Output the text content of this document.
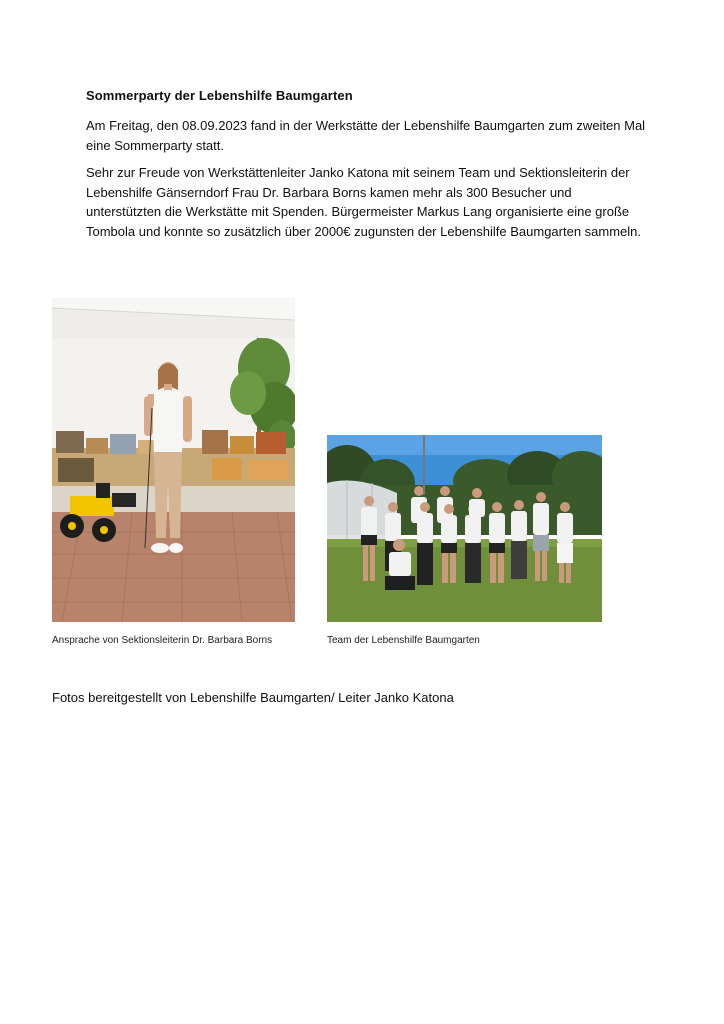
Sommerparty der Lebenshilfe Baumgarten

Am Freitag, den 08.09.2023 fand in der Werkstätte der Lebenshilfe Baumgarten zum zweiten Mal eine Sommerparty statt.

Sehr zur Freude von Werkstättenleiter Janko Katona mit seinem Team und Sektionsleiterin der Lebenshilfe Gänserndorf Frau Dr. Barbara Borns kamen mehr als 300 Besucher und unterstützten die Werkstätte mit Spenden. Bürgermeister Markus Lang organisierte eine große Tombola und konnte so zusätzlich über 2000€ zugunsten der Lebenshilfe Baumgarten sammeln.

Ansprache von Sektionsleiterin Dr. Barbara Borns	Team der Lebenshilfe Baumgarten
Fotos bereitgestellt von Lebenshilfe Baumgarten/ Leiter Janko Katona
